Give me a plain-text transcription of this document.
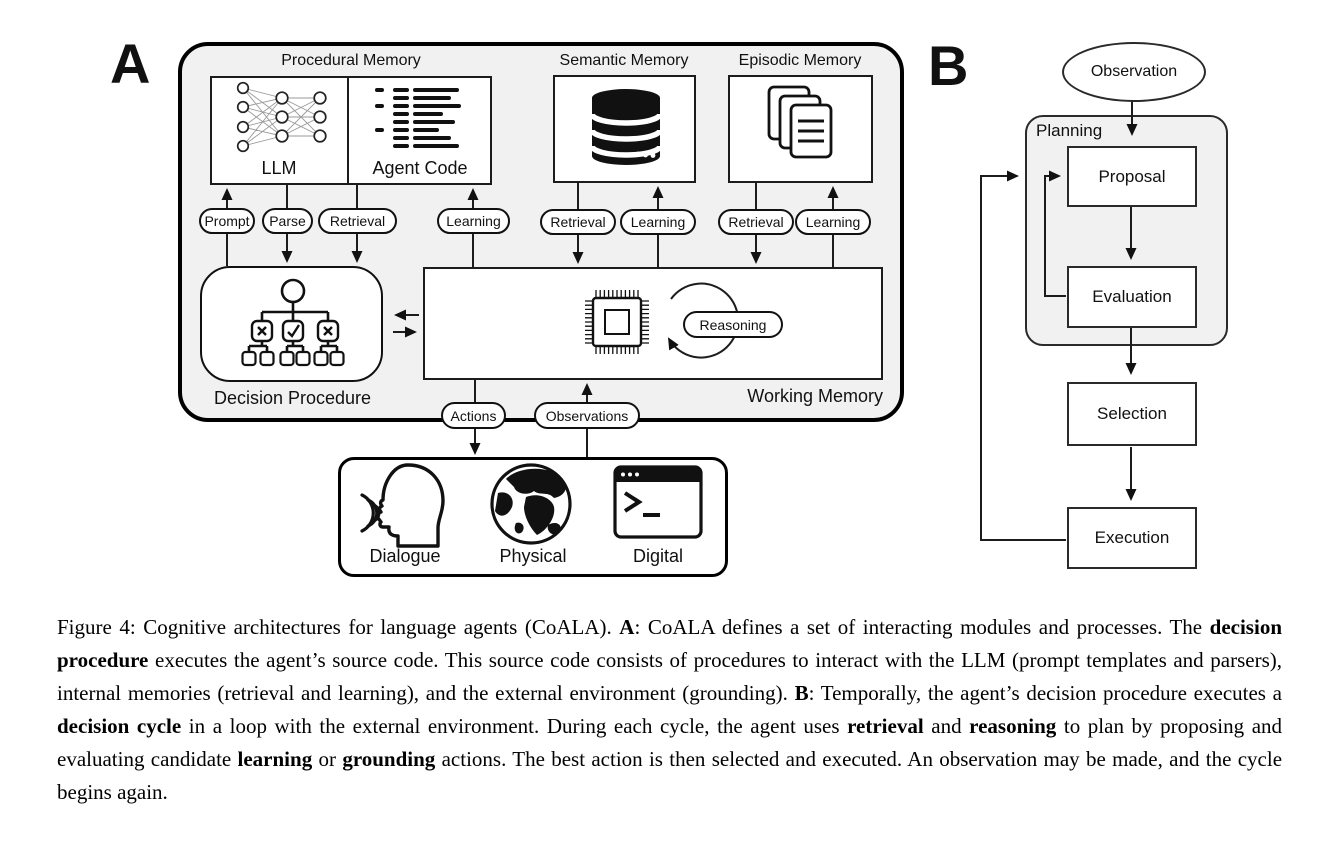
A	Procedural Memory	Semantic Memory	Episodic Memory
LLM	Agent Code
Prompt	Parse	Retrieval	Learning	Retrieval	Learning	Retrieval	Learning
Decision Procedure
Reasoning
Working Memory
Actions	Observations
Dialogue	Physical	Digital
B	Observation
Planning
Proposal
Evaluation
Selection
Execution
Figure 4: Cognitive architectures for language agents (CoALA). A: CoALA defines a set of interacting modules and processes. The decision procedure executes the agent’s source code. This source code consists of procedures to interact with the LLM (prompt templates and parsers), internal memories (retrieval and learning), and the external environment (grounding). B: Temporally, the agent’s decision procedure executes a decision cycle in a loop with the external environment. During each cycle, the agent uses retrieval and reasoning to plan by proposing and evaluating candidate learning or grounding actions. The best action is then selected and executed. An observation may be made, and the cycle begins again.
